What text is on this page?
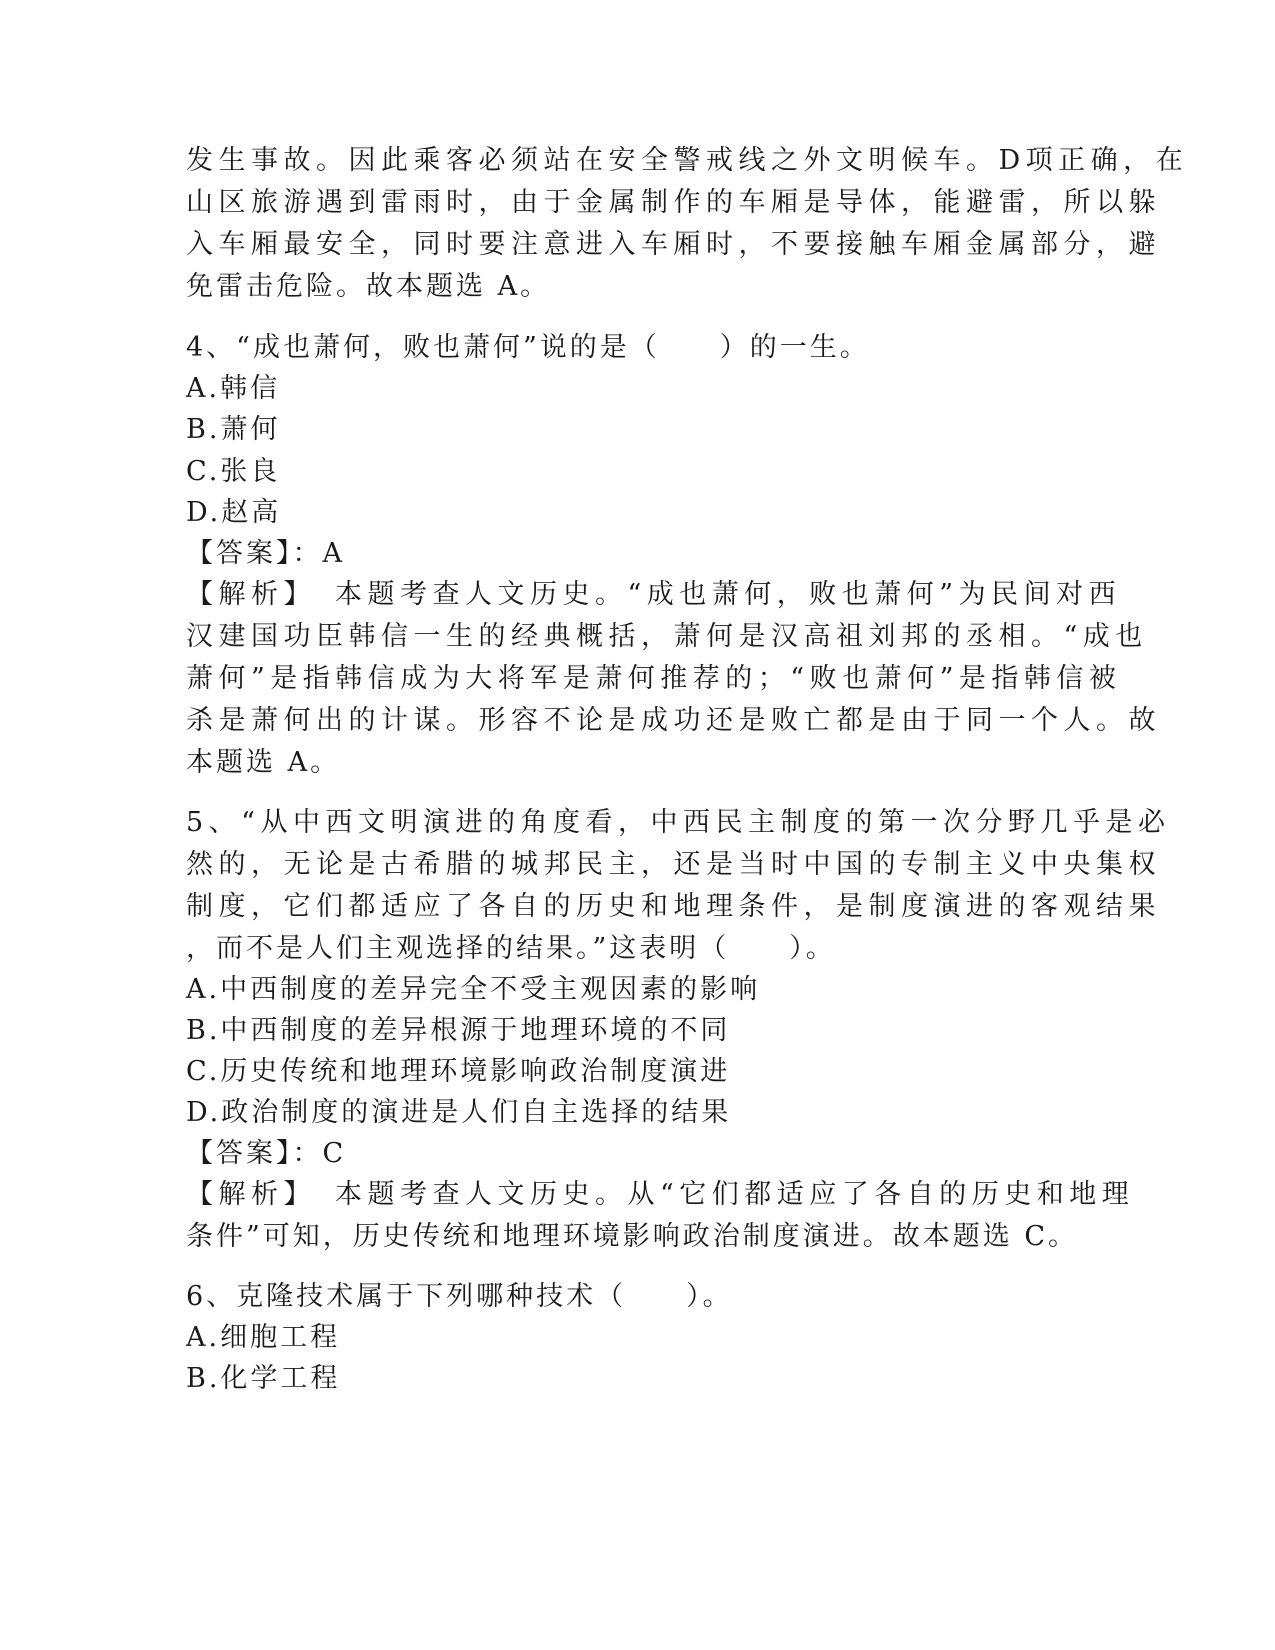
发生事故。因此乘客必须站在安全警戒线之外文明候车。D项正确，在
山区旅游遇到雷雨时，由于金属制作的车厢是导体，能避雷，所以躲
入车厢最安全，同时要注意进入车厢时，不要接触车厢金属部分，避
免雷击危险。故本题选 A。
4、“成也萧何，败也萧何”说的是（　　）的一生。
A.韩信
B.萧何
C.张良
D.赵高
【答案】：A
【解析】　本题考查人文历史。“成也萧何，败也萧何”为民间对西
汉建国功臣韩信一生的经典概括，萧何是汉高祖刘邦的丞相。“成也
萧何”是指韩信成为大将军是萧何推荐的；“败也萧何”是指韩信被
杀是萧何出的计谋。形容不论是成功还是败亡都是由于同一个人。故
本题选 A。
5、“从中西文明演进的角度看，中西民主制度的第一次分野几乎是必
然的，无论是古希腊的城邦民主，还是当时中国的专制主义中央集权
制度，它们都适应了各自的历史和地理条件，是制度演进的客观结果
，而不是人们主观选择的结果。”这表明（　　）。
A.中西制度的差异完全不受主观因素的影响
B.中西制度的差异根源于地理环境的不同
C.历史传统和地理环境影响政治制度演进
D.政治制度的演进是人们自主选择的结果
【答案】：C
【解析】　本题考查人文历史。从“它们都适应了各自的历史和地理
条件”可知，历史传统和地理环境影响政治制度演进。故本题选 C。
6、克隆技术属于下列哪种技术（　　）。
A.细胞工程
B.化学工程
